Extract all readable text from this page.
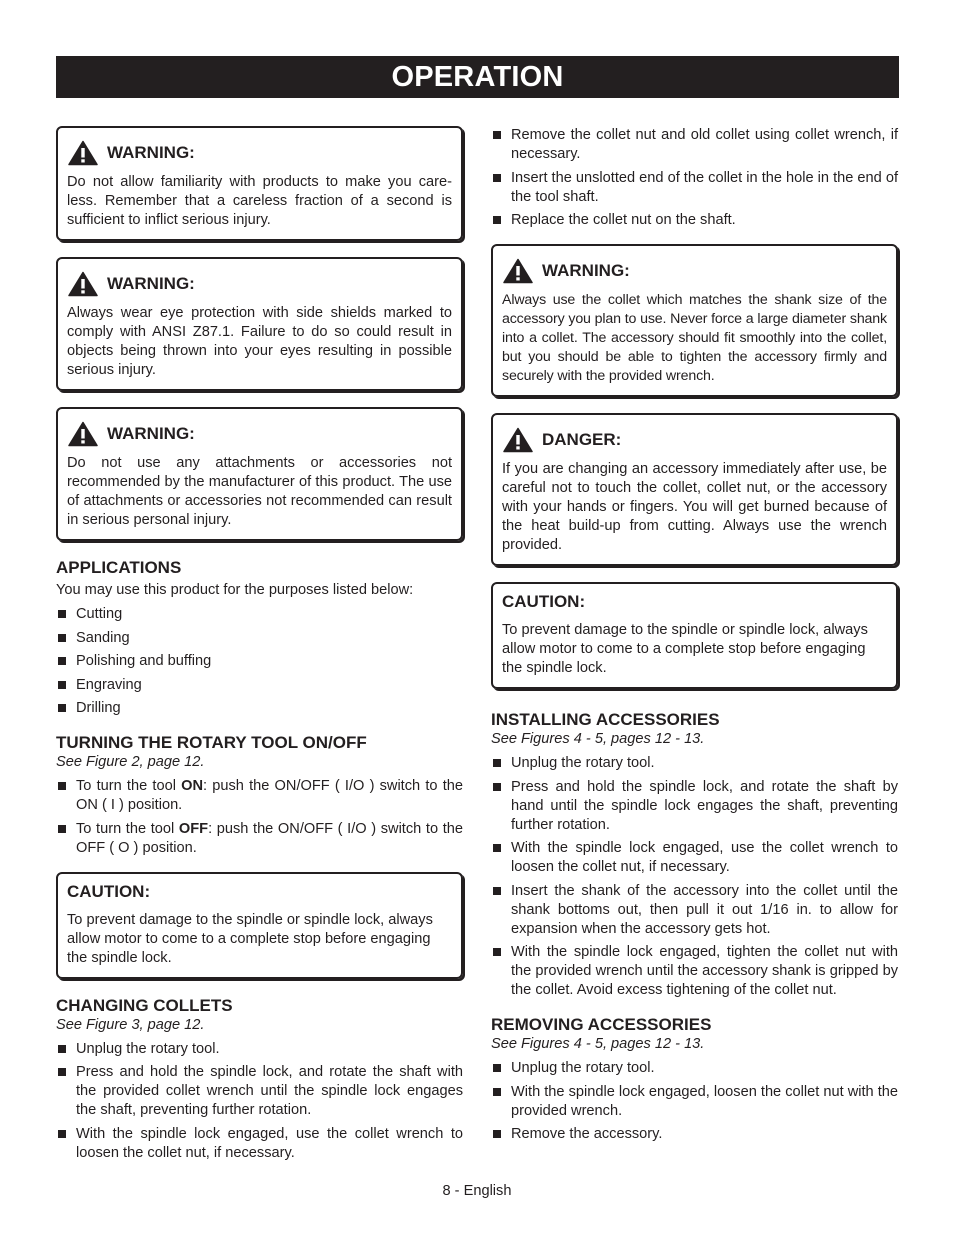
OPERATION
WARNING:
Do not allow familiarity with products to make you care-less. Remember that a careless fraction of a second is sufficient to inflict serious injury.
WARNING:
Always wear eye protection with side shields marked to comply with ANSI Z87.1. Failure to do so could result in objects being thrown into your eyes resulting in possible serious injury.
WARNING:
Do not use any attachments or accessories not recommended by the manufacturer of this product. The use of attachments or accessories not recommended can result in serious personal injury.
APPLICATIONS
You may use this product for the purposes listed below:
Cutting
Sanding
Polishing and buffing
Engraving
Drilling
TURNING THE ROTARY TOOL ON/OFF
See Figure 2, page 12.
To turn the tool ON: push the ON/OFF ( I/O ) switch to the ON ( I ) position.
To turn the tool OFF: push the ON/OFF ( I/O ) switch to the OFF ( O ) position.
CAUTION:
To prevent damage to the spindle or spindle lock, always allow motor to come to a complete stop before engaging the spindle lock.
CHANGING COLLETS
See Figure 3, page 12.
Unplug the rotary tool.
Press and hold the spindle lock, and rotate the shaft with the provided collet wrench until the spindle lock engages the shaft, preventing further rotation.
With the spindle lock engaged, use the collet wrench to loosen the collet nut, if necessary.
Remove the collet nut and old collet using collet wrench, if necessary.
Insert the unslotted end of the collet in the hole in the end of the tool shaft.
Replace the collet nut on the shaft.
WARNING:
Always use the collet which matches the shank size of the accessory you plan to use. Never force a large diameter shank into a collet. The accessory should fit smoothly into the collet, but you should be able to tighten the accessory firmly and securely with the provided wrench.
DANGER:
If you are changing an accessory immediately after use, be careful not to touch the collet, collet nut, or the accessory with your hands or fingers. You will get burned because of the heat build-up from cutting. Always use the wrench provided.
CAUTION:
To prevent damage to the spindle or spindle lock, always allow motor to come to a complete stop before engaging the spindle lock.
INSTALLING ACCESSORIES
See Figures 4 - 5, pages 12 - 13.
Unplug the rotary tool.
Press and hold the spindle lock, and rotate the shaft by hand until the spindle lock engages the shaft, preventing further rotation.
With the spindle lock engaged, use the collet wrench to loosen the collet nut, if necessary.
Insert the shank of the accessory into the collet until the shank bottoms out, then pull it out 1/16 in. to allow for expansion when the accessory gets hot.
With the spindle lock engaged, tighten the collet nut with the provided wrench until the accessory shank is gripped by the collet. Avoid excess tightening of the collet nut.
REMOVING ACCESSORIES
See Figures 4 - 5, pages 12 - 13.
Unplug the rotary tool.
With the spindle lock engaged, loosen the collet nut with the provided wrench.
Remove the accessory.
8 - English
